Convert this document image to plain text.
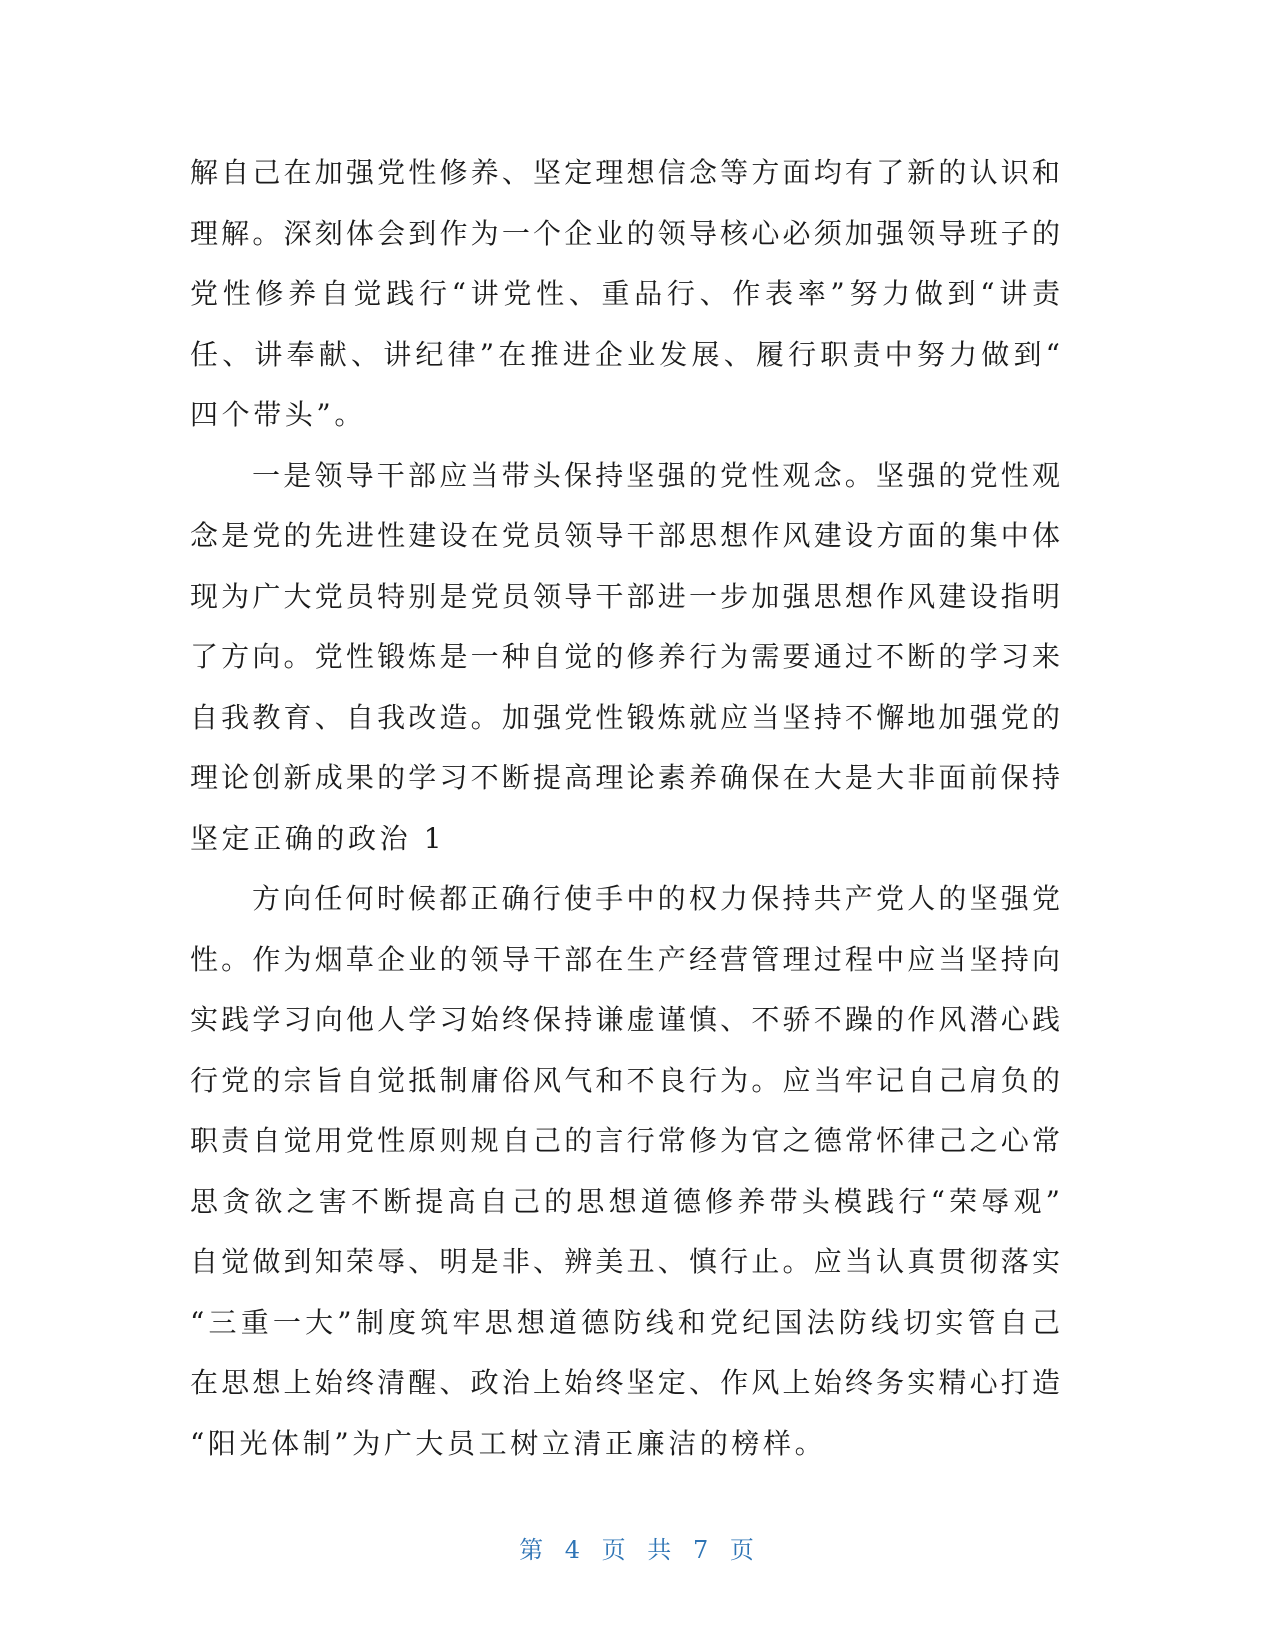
解自己在加强党性修养、坚定理想信念等方面均有了新的认识和
理解。深刻体会到作为一个企业的领导核心必须加强领导班子的
党性修养自觉践行“讲党性、重品行、作表率”努力做到“讲责
任、讲奉献、讲纪律”在推进企业发展、履行职责中努力做到“
四个带头”。
一是领导干部应当带头保持坚强的党性观念。坚强的党性观
念是党的先进性建设在党员领导干部思想作风建设方面的集中体
现为广大党员特别是党员领导干部进一步加强思想作风建设指明
了方向。党性锻炼是一种自觉的修养行为需要通过不断的学习来
自我教育、自我改造。加强党性锻炼就应当坚持不懈地加强党的
理论创新成果的学习不断提高理论素养确保在大是大非面前保持
坚定正确的政治 1
方向任何时候都正确行使手中的权力保持共产党人的坚强党
性。作为烟草企业的领导干部在生产经营管理过程中应当坚持向
实践学习向他人学习始终保持谦虚谨慎、不骄不躁的作风潜心践
行党的宗旨自觉抵制庸俗风气和不良行为。应当牢记自己肩负的
职责自觉用党性原则规自己的言行常修为官之德常怀律己之心常
思贪欲之害不断提高自己的思想道德修养带头模践行“荣辱观”
自觉做到知荣辱、明是非、辨美丑、慎行止。应当认真贯彻落实
“三重一大”制度筑牢思想道德防线和党纪国法防线切实管自己
在思想上始终清醒、政治上始终坚定、作风上始终务实精心打造
“阳光体制”为广大员工树立清正廉洁的榜样。
第 4 页 共 7 页
